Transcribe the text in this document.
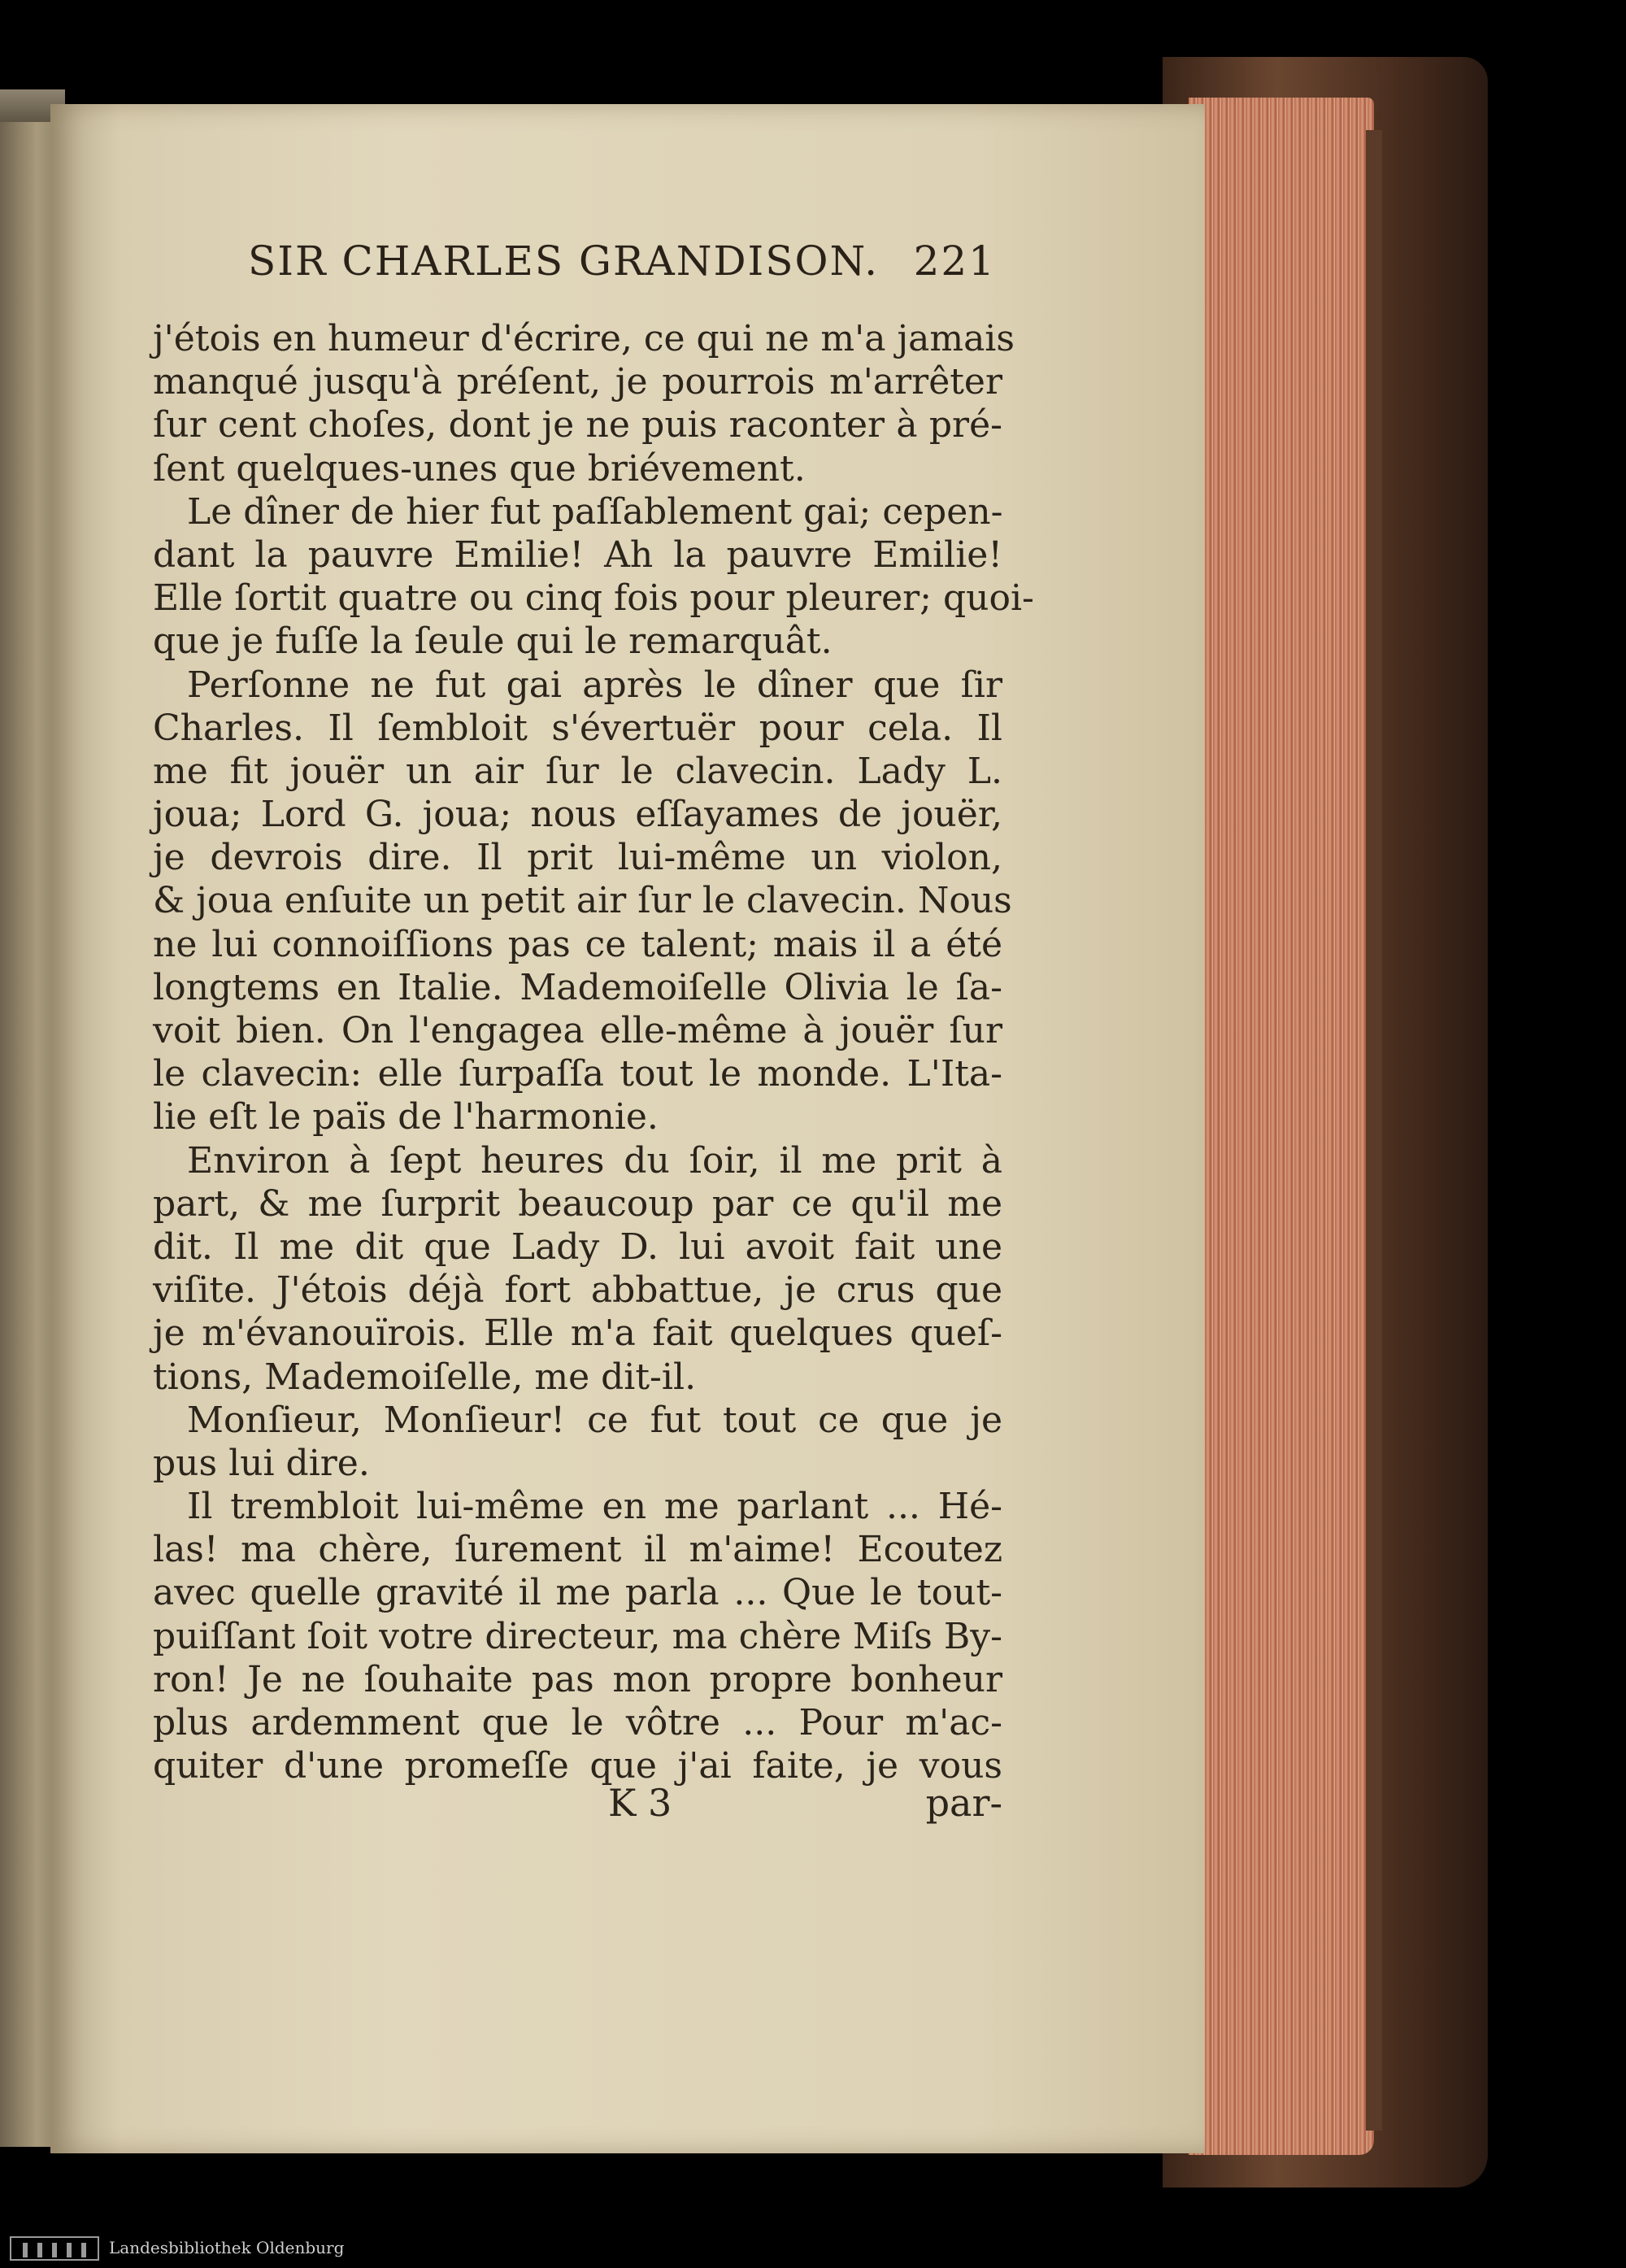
SIR CHARLES GRANDISON. 221
j'étois en humeur d'écrire, ce qui ne m'a jamais
manqué jusqu'à préſent, je pourrois m'arrêter
ſur cent choſes, dont je ne puis raconter à pré-
ſent quelques-unes que briévement.
Le dîner de hier fut paſſablement gai; cepen-
dant la pauvre Emilie! Ah la pauvre Emilie!
Elle ſortit quatre ou cinq fois pour pleurer; quoi-
que je fuſſe la ſeule qui le remarquât.
Perſonne ne fut gai après le dîner que ſir
Charles. Il ſembloit s'évertuër pour cela. Il
me fit jouër un air ſur le clavecin. Lady L.
joua; Lord G. joua; nous eſſayames de jouër,
je devrois dire. Il prit lui-même un violon,
& joua enſuite un petit air ſur le clavecin. Nous
ne lui connoiſſions pas ce talent; mais il a été
longtems en Italie. Mademoiſelle Olivia le ſa-
voit bien. On l'engagea elle-même à jouër ſur
le clavecin: elle ſurpaſſa tout le monde. L'Ita-
lie eſt le païs de l'harmonie.
Environ à ſept heures du ſoir, il me prit à
part, & me ſurprit beaucoup par ce qu'il me
dit. Il me dit que Lady D. lui avoit fait une
viſite. J'étois déjà fort abbattue, je crus que
je m'évanouïrois. Elle m'a fait quelques queſ-
tions, Mademoiſelle, me dit-il.
Monſieur, Monſieur! ce fut tout ce que je
pus lui dire.
Il trembloit lui-même en me parlant ... Hé-
las! ma chère, ſurement il m'aime! Ecoutez
avec quelle gravité il me parla ... Que le tout-
puiſſant ſoit votre directeur, ma chère Miſs By-
ron! Je ne ſouhaite pas mon propre bonheur
plus ardemment que le vôtre ... Pour m'ac-
quiter d'une promeſſe que j'ai faite, je vous
K 3	par-
Landesbibliothek Oldenburg
